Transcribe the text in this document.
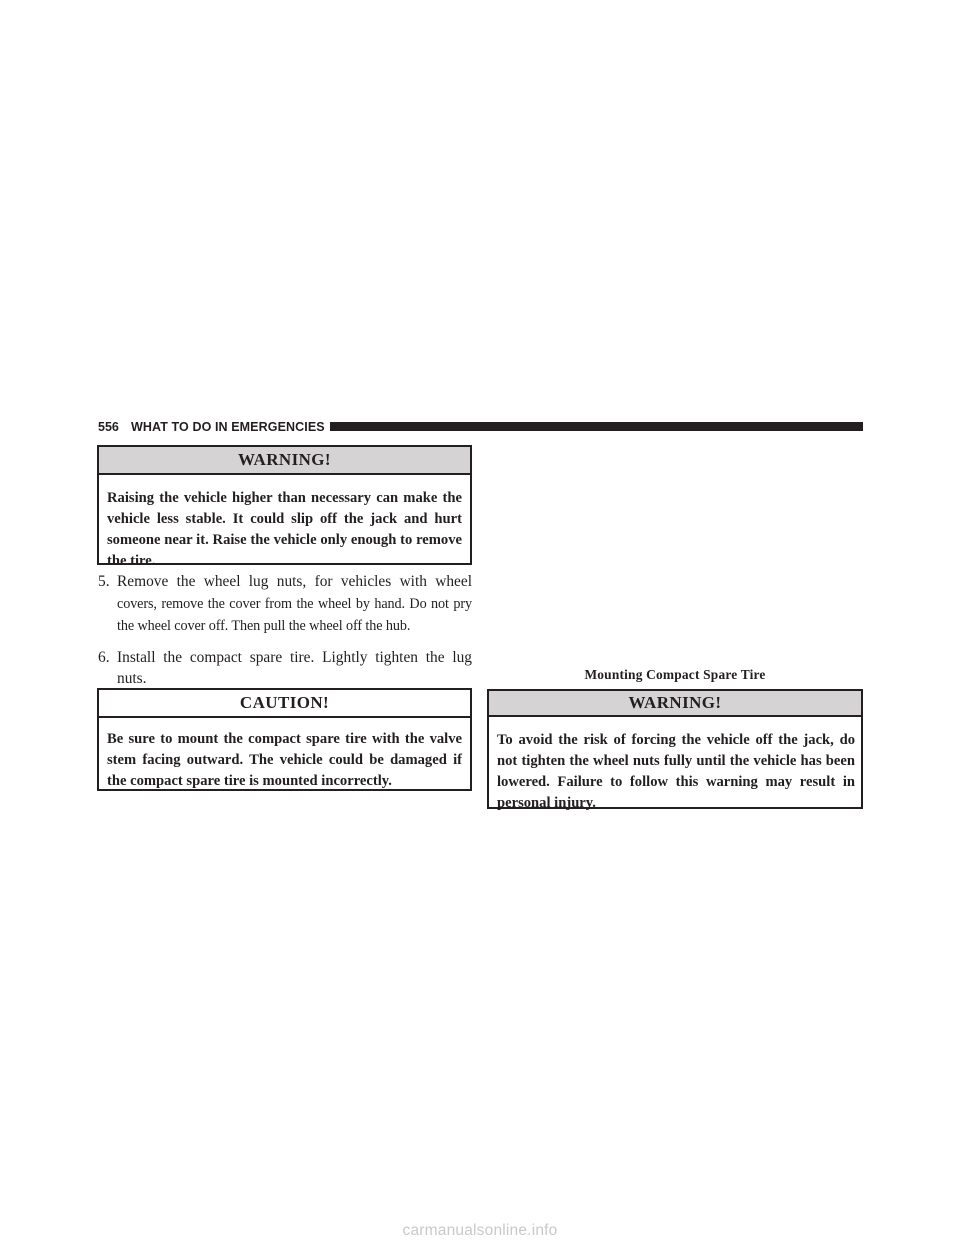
556 WHAT TO DO IN EMERGENCIES
WARNING!
Raising the vehicle higher than necessary can make the vehicle less stable. It could slip off the jack and hurt someone near it. Raise the vehicle only enough to remove the tire.
5. Remove the wheel lug nuts, for vehicles with wheel covers, remove the cover from the wheel by hand. Do not pry the wheel cover off. Then pull the wheel off the hub.
6. Install the compact spare tire. Lightly tighten the lug nuts.
CAUTION!
Be sure to mount the compact spare tire with the valve stem facing outward. The vehicle could be damaged if the compact spare tire is mounted incorrectly.
Mounting Compact Spare Tire
WARNING!
To avoid the risk of forcing the vehicle off the jack, do not tighten the wheel nuts fully until the vehicle has been lowered. Failure to follow this warning may result in personal injury.
carmanualsonline.info
